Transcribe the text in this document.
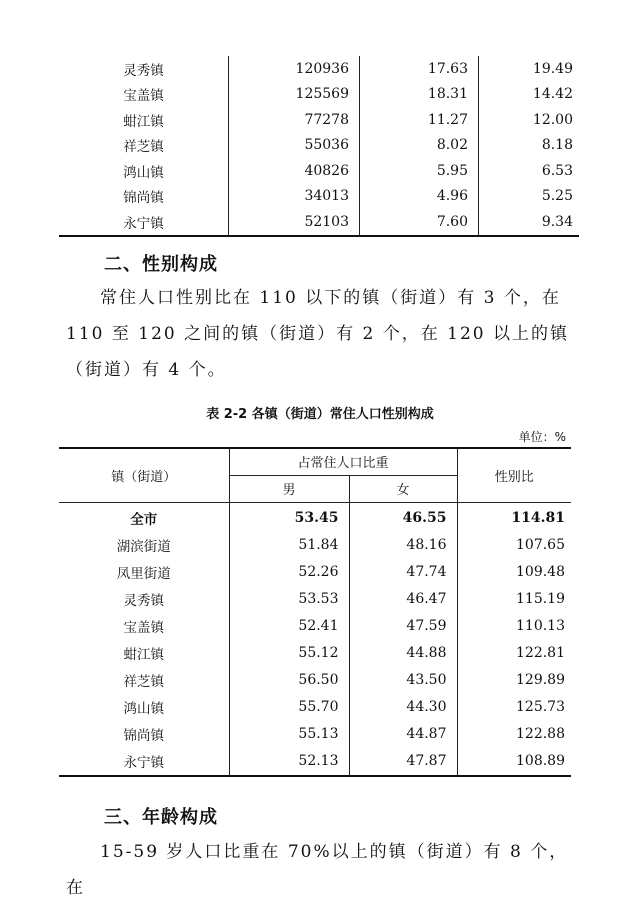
灵秀镇	120936	17.63	19.49
宝盖镇	125569	18.31	14.42
蚶江镇	77278	11.27	12.00
祥芝镇	55036	8.02	8.18
鸿山镇	40826	5.95	6.53
锦尚镇	34013	4.96	5.25
永宁镇	52103	7.60	9.34
二、性别构成
常住人口性别比在 110 以下的镇（街道）有 3 个，在 110 至 120 之间的镇（街道）有 2 个，在 120 以上的镇（街道）有 4 个。
表 2-2 各镇（街道）常住人口性别构成
单位：%
镇（街道）	占常住人口比重		性别比
	男	女	
全市	53.45	46.55	114.81
湖滨街道	51.84	48.16	107.65
凤里街道	52.26	47.74	109.48
灵秀镇	53.53	46.47	115.19
宝盖镇	52.41	47.59	110.13
蚶江镇	55.12	44.88	122.81
祥芝镇	56.50	43.50	129.89
鸿山镇	55.70	44.30	125.73
锦尚镇	55.13	44.87	122.88
永宁镇	52.13	47.87	108.89
三、年龄构成
15-59 岁人口比重在 70%以上的镇（街道）有 8 个，在
